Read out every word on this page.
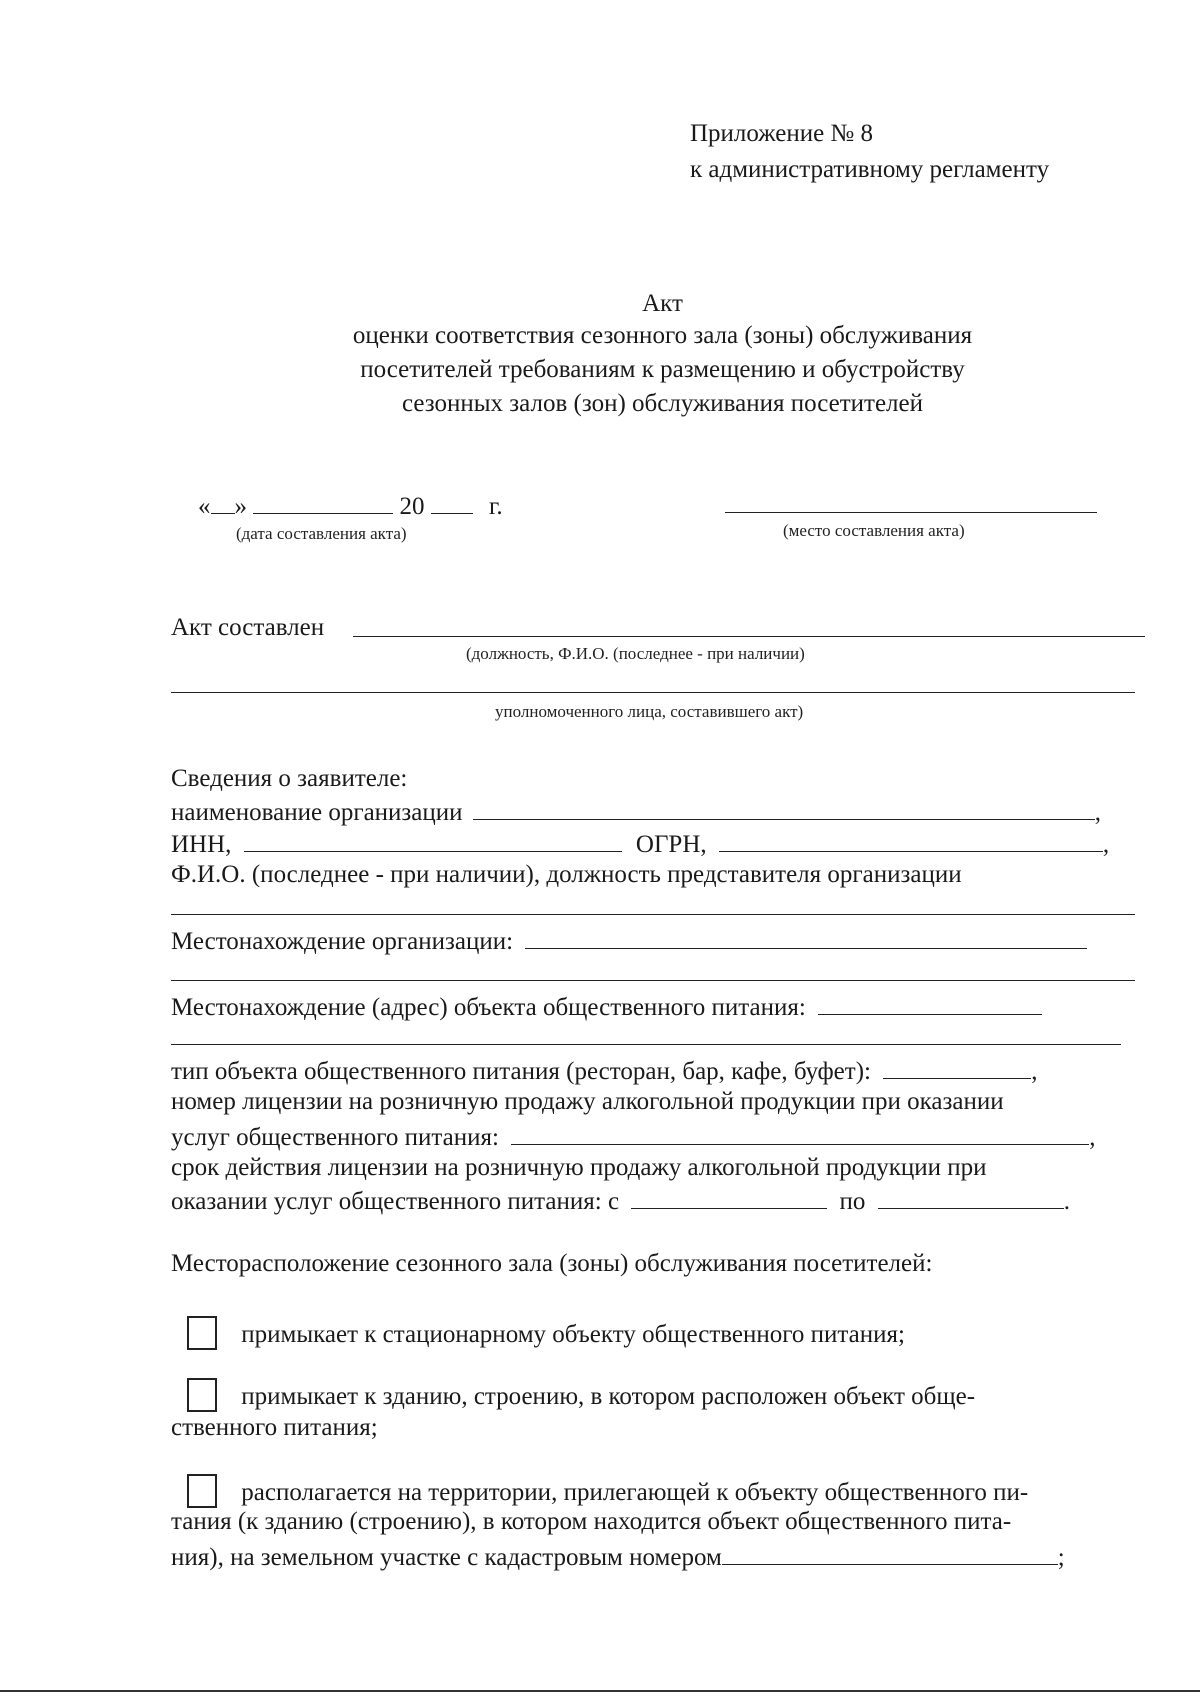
Приложение № 8
к административному регламенту
Акт
оценки соответствия сезонного зала (зоны) обслуживания
посетителей требованиям к размещению и обустройству
сезонных залов (зон) обслуживания посетителей
« »	20	г.
(дата составления акта)	(место составления акта)
Акт составлен
(должность, Ф.И.О. (последнее - при наличии)
уполномоченного лица, составившего акт)
Сведения о заявителе:
наименование организации	,
ИНН,	ОГРН,	,
Ф.И.О. (последнее - при наличии), должность представителя организации
Местонахождение организации:
Местонахождение (адрес) объекта общественного питания:
тип объекта общественного питания (ресторан, бар, кафе, буфет):	,
номер лицензии на розничную продажу алкогольной продукции при оказании
услуг общественного питания:	,
срок действия лицензии на розничную продажу алкогольной продукции при
оказании услуг общественного питания: с	по	.
Месторасположение сезонного зала (зоны) обслуживания посетителей:
примыкает к стационарному объекту общественного питания;
примыкает к зданию, строению, в котором расположен объект обще-
ственного питания;
располагается на территории, прилегающей к объекту общественного пи-
тания (к зданию (строению), в котором находится объект общественного пита-
ния), на земельном участке с кадастровым номером	;
